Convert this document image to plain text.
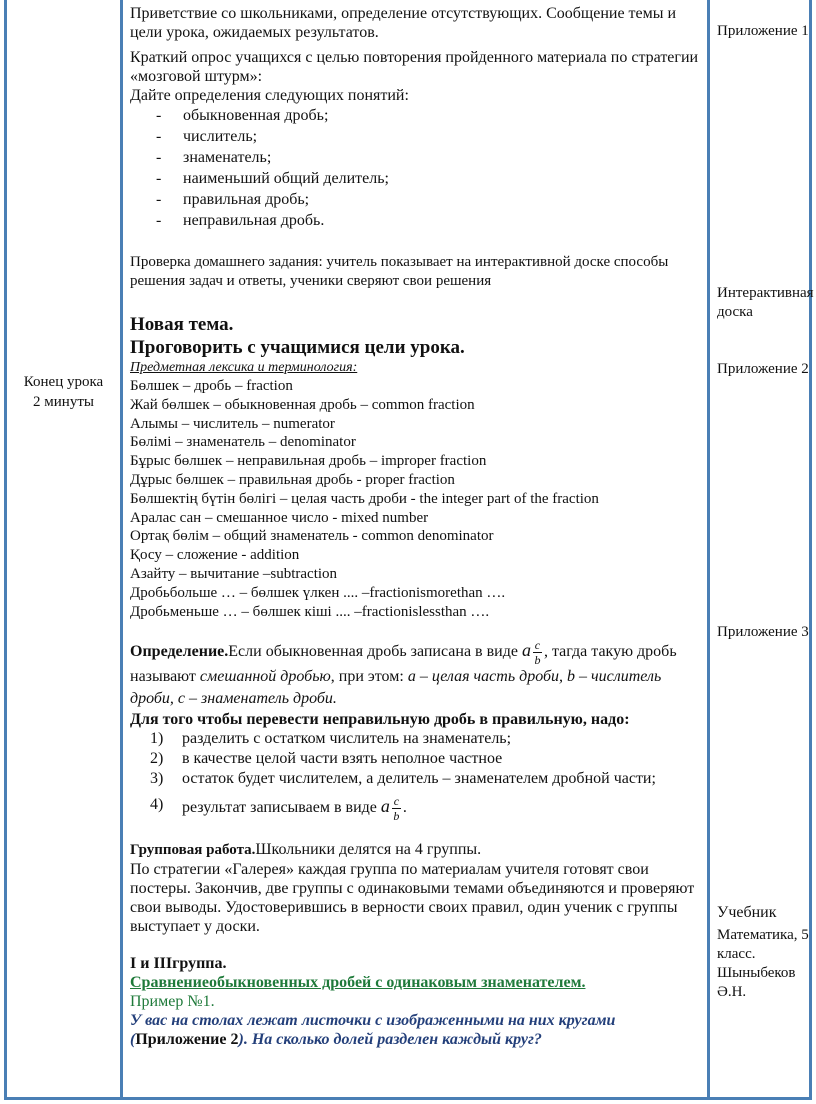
Конец урока
2 минуты

Приветствие со школьниками, определение отсутствующих. Сообщение темы и цели урока, ожидаемых результатов.

Краткий опрос учащихся с целью повторения пройденного материала по стратегии «мозговой штурм»:

Дайте определения следующих понятий:

- обыкновенная дробь;
- числитель;
- знаменатель;
- наименьший общий делитель;
- правильная дробь;
- неправильная дробь.

Проверка домашнего задания: учитель показывает на интерактивной доске способы решения задач и ответы, ученики сверяют свои решения

Новая тема.

Проговорить с учащимися цели урока.

Предметная лексика и терминология:

Бөлшек – дробь – fraction

Жай бөлшек – обыкновенная дробь – common fraction

Алымы – числитель – numerator

Бөлімі – знаменатель – denominator

Бұрыс бөлшек – неправильная дробь – improper fraction

Дұрыс бөлшек – правильная дробь - proper fraction

Бөлшектің бүтін бөлігі – целая часть дроби - the integer part of the fraction

Аралас сан – смешанное число - mixed number

Ортақ бөлім – общий знаменатель - common denominator

Қосу – сложение - addition

Азайту – вычитание –subtraction

Дробьбольше … – бөлшек үлкен .... –fractionismorethan ….

Дробьменьше … – бөлшек кіші .... –fractionislessthan ….

Определение.Если обыкновенная дробь записана в виде a $\frac{c}{b}$ , тагда такую дробь называют смешанной дробью, при этом: a – целая часть дроби, b – числитель дроби, c – знаменатель дроби.

Для того чтобы перевести неправильную дробь в правильную, надо:

1) разделить с остатком числитель на знаменатель;
2) в качестве целой части взять неполное частное
3) остаток будет числителем, а делитель – знаменателем дробной части;
4) результат записываем в виде a $\frac{c}{b}$ .

Групповая работа.Школьники делятся на 4 группы.

По стратегии «Галерея» каждая группа по материалам учителя готовят свои постеры. Закончив, две группы с одинаковыми темами объединяются и проверяют свои выводы. Удостоверившись в верности своих правил, один ученик с группы выступает у доски.

I и IIIгруппа.

Сравнениеобыкновенных дробей с одинаковым знаменателем.

Пример №1.

У вас на столах лежат листочки с изображенными на них кругами (Приложение 2). На сколько долей разделен каждый круг?

Приложение 1
Интерактивная доска
Приложение 2
Приложение 3
Учебник
Математика, 5 класс. Шыныбеков Ә.Н.
